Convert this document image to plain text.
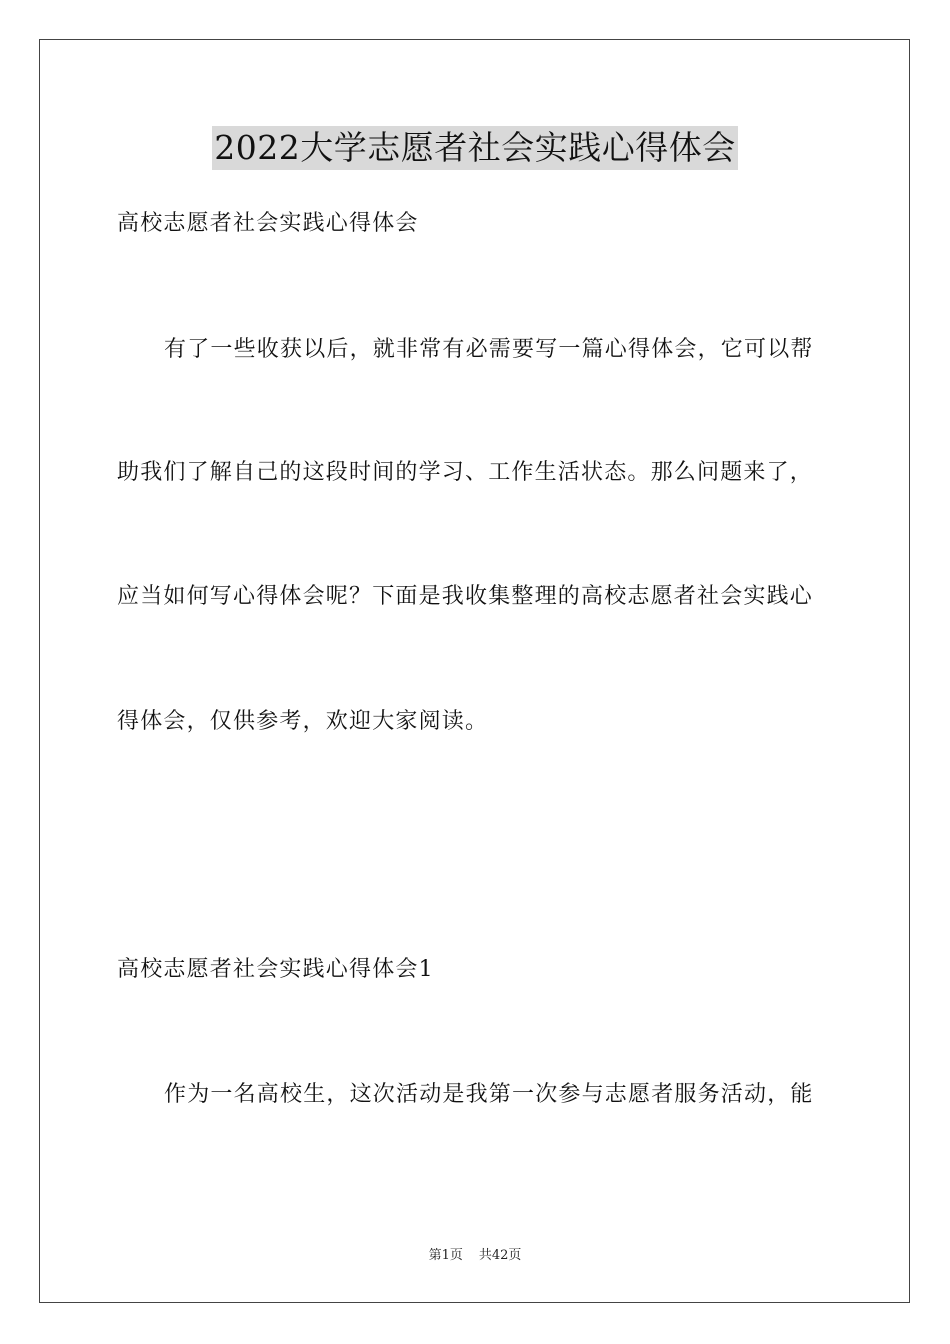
2022大学志愿者社会实践心得体会
高校志愿者社会实践心得体会
有了一些收获以后，就非常有必需要写一篇心得体会，它可以帮
助我们了解自己的这段时间的学习、工作生活状态。那么问题来了，
应当如何写心得体会呢？下面是我收集整理的高校志愿者社会实践心
得体会，仅供参考，欢迎大家阅读。
高校志愿者社会实践心得体会1
作为一名高校生，这次活动是我第一次参与志愿者服务活动，能
第1页 共42页
